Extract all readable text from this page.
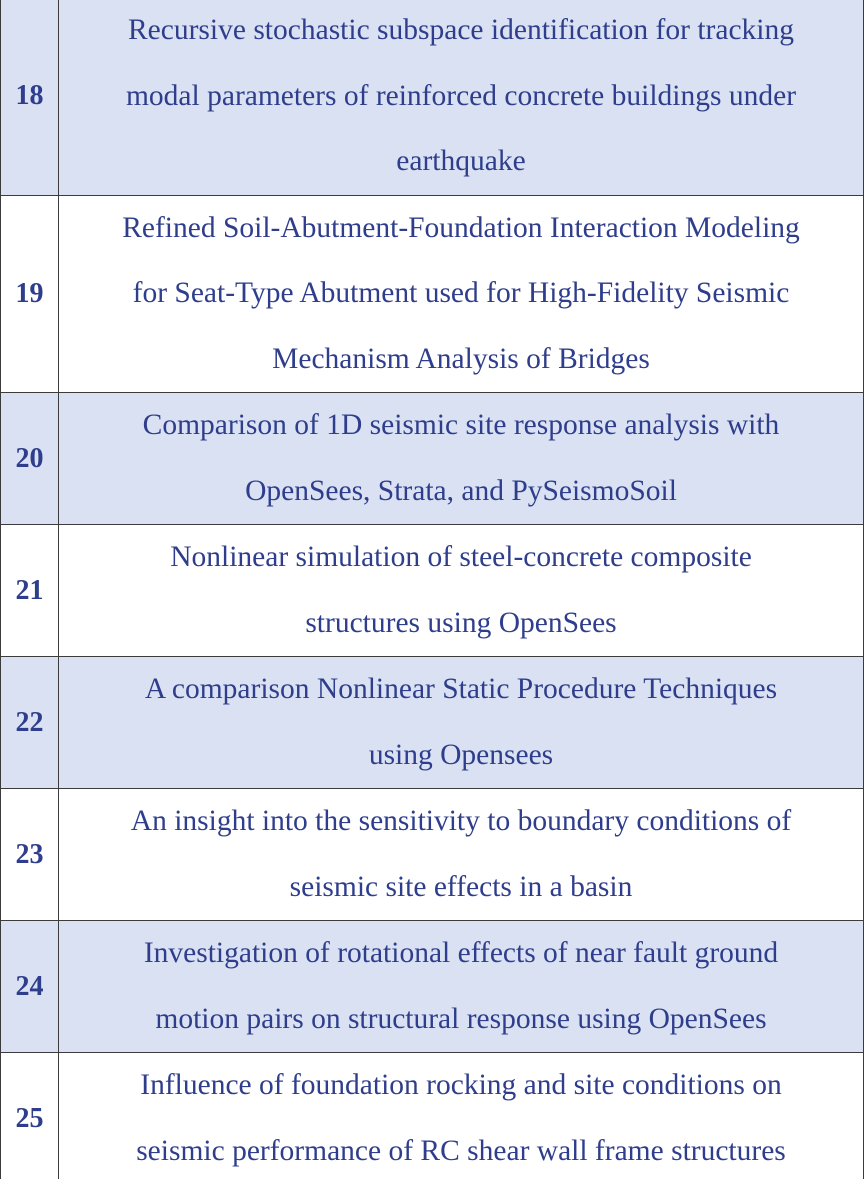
18	Recursive stochastic subspace identification for tracking
modal parameters of reinforced concrete buildings under
earthquake

19	Refined Soil-Abutment-Foundation Interaction Modeling
for Seat-Type Abutment used for High-Fidelity Seismic
Mechanism Analysis of Bridges

20	Comparison of 1D seismic site response analysis with
OpenSees, Strata, and PySeismoSoil

21	Nonlinear simulation of steel-concrete composite
structures using OpenSees

22	A comparison Nonlinear Static Procedure Techniques
using Opensees

23	An insight into the sensitivity to boundary conditions of
seismic site effects in a basin

24	Investigation of rotational effects of near fault ground
motion pairs on structural response using OpenSees

25	Influence of foundation rocking and site conditions on
seismic performance of RC shear wall frame structures
